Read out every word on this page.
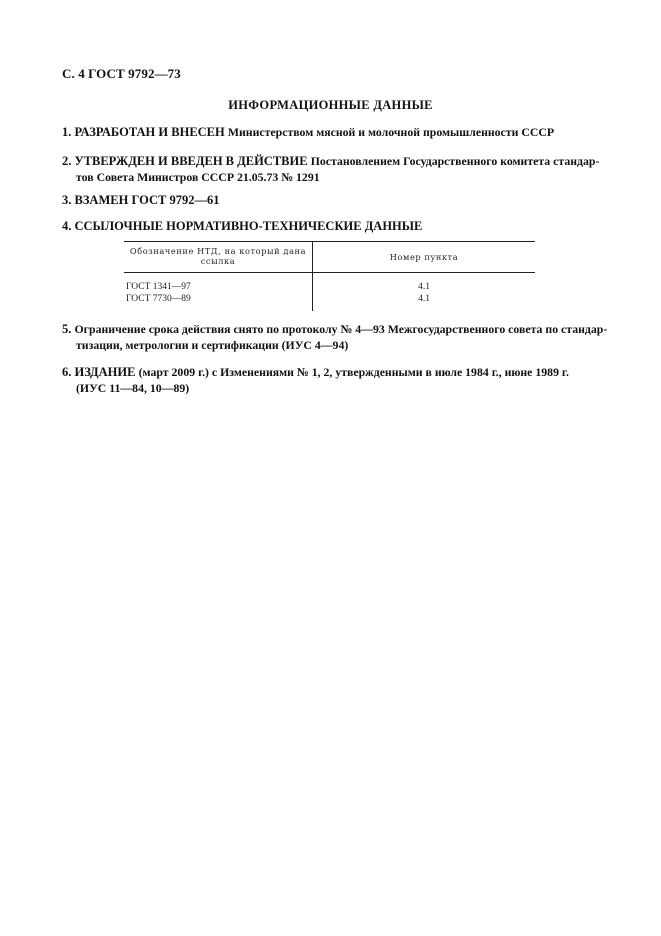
С. 4 ГОСТ 9792—73
ИНФОРМАЦИОННЫЕ ДАННЫЕ
1. РАЗРАБОТАН И ВНЕСЕН Министерством мясной и молочной промышленности СССР
2. УТВЕРЖДЕН И ВВЕДЕН В ДЕЙСТВИЕ Постановлением Государственного комитета стандар-
тов Совета Министров СССР 21.05.73 № 1291
3. ВЗАМЕН ГОСТ 9792—61
4. ССЫЛОЧНЫЕ НОРМАТИВНО-ТЕХНИЧЕСКИЕ ДАННЫЕ
Обозначение НТД, на который дана ссылка	Номер пункта
ГОСТ 1341—97	4.1
ГОСТ 7730—89	4.1
5. Ограничение срока действия снято по протоколу № 4—93 Межгосударственного совета по стандар-
тизации, метрологии и сертификации (ИУС 4—94)
6. ИЗДАНИЕ (март 2009 г.) с Изменениями № 1, 2, утвержденными в июле 1984 г., июне 1989 г.
(ИУС 11—84, 10—89)
